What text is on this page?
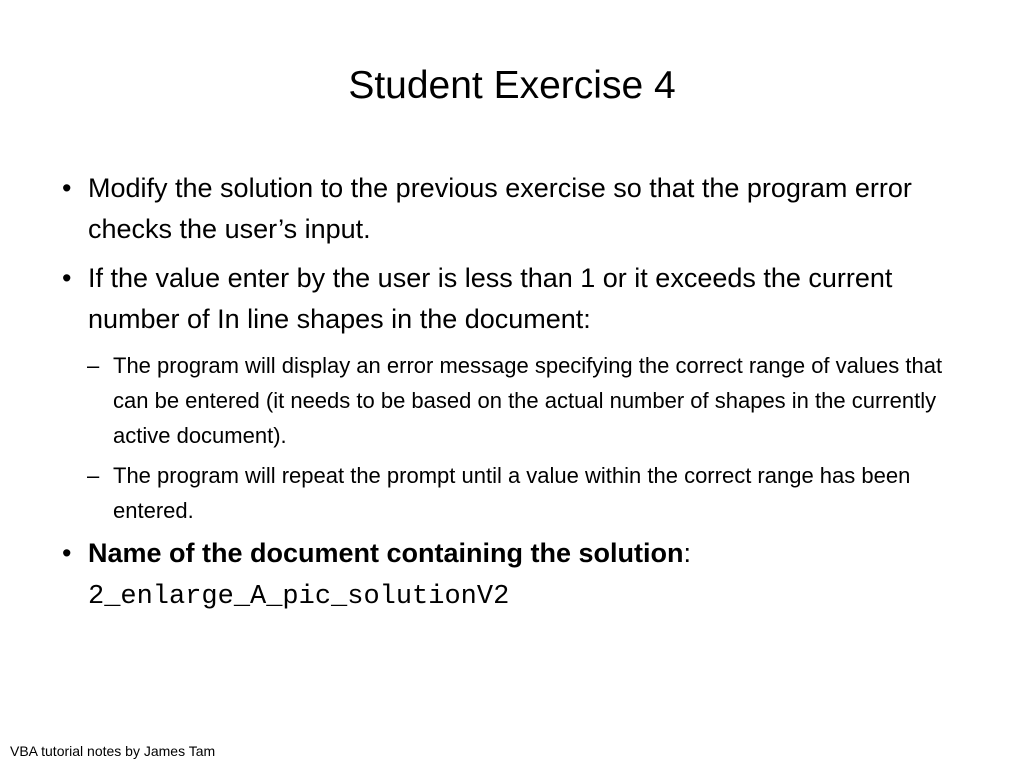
Student Exercise 4
• Modify the solution to the previous exercise so that the program error checks the user’s input.
• If the value enter by the user is less than 1 or it exceeds the current number of In line shapes in the document:
– The program will display an error message specifying the correct range of values that can be entered (it needs to be based on the actual number of shapes in the currently active document).
– The program will repeat the prompt until a value within the correct range has been entered.
• Name of the document containing the solution:
2_enlarge_A_pic_solutionV2
VBA tutorial notes by James Tam
